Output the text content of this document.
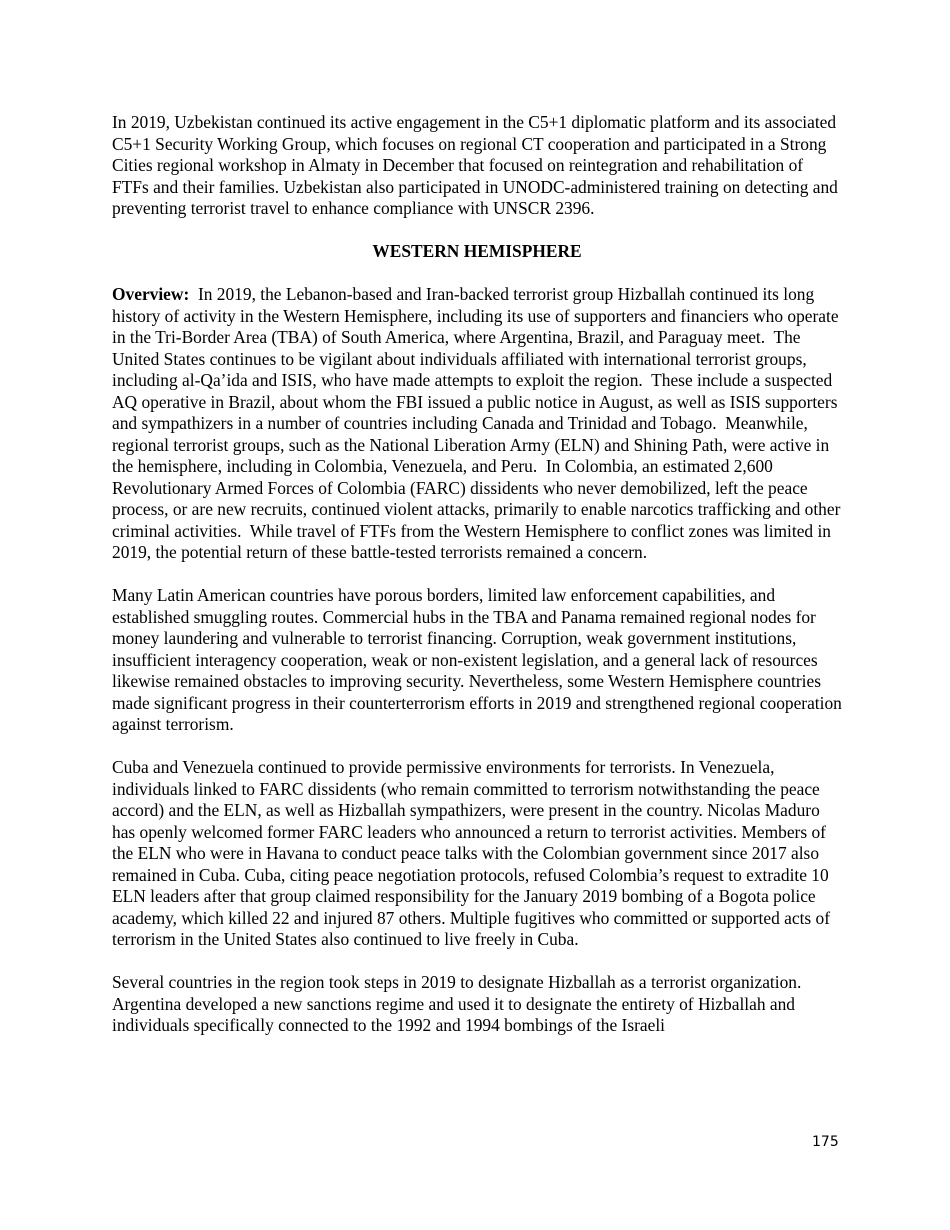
In 2019, Uzbekistan continued its active engagement in the C5+1 diplomatic platform and its associated C5+1 Security Working Group, which focuses on regional CT cooperation and participated in a Strong Cities regional workshop in Almaty in December that focused on reintegration and rehabilitation of FTFs and their families. Uzbekistan also participated in UNODC-administered training on detecting and preventing terrorist travel to enhance compliance with UNSCR 2396.

WESTERN HEMISPHERE

Overview:  In 2019, the Lebanon-based and Iran-backed terrorist group Hizballah continued its long history of activity in the Western Hemisphere, including its use of supporters and financiers who operate in the Tri-Border Area (TBA) of South America, where Argentina, Brazil, and Paraguay meet.  The United States continues to be vigilant about individuals affiliated with international terrorist groups, including al-Qa’ida and ISIS, who have made attempts to exploit the region.  These include a suspected AQ operative in Brazil, about whom the FBI issued a public notice in August, as well as ISIS supporters and sympathizers in a number of countries including Canada and Trinidad and Tobago.  Meanwhile, regional terrorist groups, such as the National Liberation Army (ELN) and Shining Path, were active in the hemisphere, including in Colombia, Venezuela, and Peru.  In Colombia, an estimated 2,600 Revolutionary Armed Forces of Colombia (FARC) dissidents who never demobilized, left the peace process, or are new recruits, continued violent attacks, primarily to enable narcotics trafficking and other criminal activities.  While travel of FTFs from the Western Hemisphere to conflict zones was limited in 2019, the potential return of these battle-tested terrorists remained a concern.

Many Latin American countries have porous borders, limited law enforcement capabilities, and established smuggling routes. Commercial hubs in the TBA and Panama remained regional nodes for money laundering and vulnerable to terrorist financing. Corruption, weak government institutions, insufficient interagency cooperation, weak or non-existent legislation, and a general lack of resources likewise remained obstacles to improving security. Nevertheless, some Western Hemisphere countries made significant progress in their counterterrorism efforts in 2019 and strengthened regional cooperation against terrorism.

Cuba and Venezuela continued to provide permissive environments for terrorists. In Venezuela, individuals linked to FARC dissidents (who remain committed to terrorism notwithstanding the peace accord) and the ELN, as well as Hizballah sympathizers, were present in the country. Nicolas Maduro has openly welcomed former FARC leaders who announced a return to terrorist activities. Members of the ELN who were in Havana to conduct peace talks with the Colombian government since 2017 also remained in Cuba. Cuba, citing peace negotiation protocols, refused Colombia’s request to extradite 10 ELN leaders after that group claimed responsibility for the January 2019 bombing of a Bogota police academy, which killed 22 and injured 87 others. Multiple fugitives who committed or supported acts of terrorism in the United States also continued to live freely in Cuba.

Several countries in the region took steps in 2019 to designate Hizballah as a terrorist organization. Argentina developed a new sanctions regime and used it to designate the entirety of Hizballah and individuals specifically connected to the 1992 and 1994 bombings of the Israeli

175
